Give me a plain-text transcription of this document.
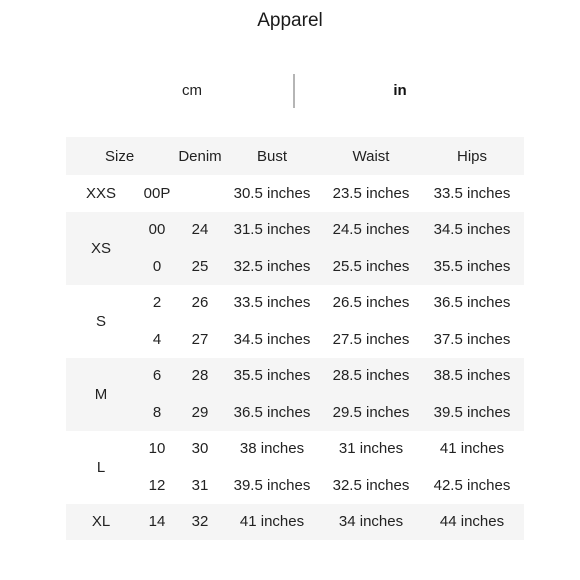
Apparel
cm	in
Size		Denim	Bust	Waist	Hips
XXS	00P		30.5 inches	23.5 inches	33.5 inches
XS	00	24	31.5 inches	24.5 inches	34.5 inches
	0	25	32.5 inches	25.5 inches	35.5 inches
S	2	26	33.5 inches	26.5 inches	36.5 inches
	4	27	34.5 inches	27.5 inches	37.5 inches
M	6	28	35.5 inches	28.5 inches	38.5 inches
	8	29	36.5 inches	29.5 inches	39.5 inches
L	10	30	38 inches	31 inches	41 inches
	12	31	39.5 inches	32.5 inches	42.5 inches
XL	14	32	41 inches	34 inches	44 inches
